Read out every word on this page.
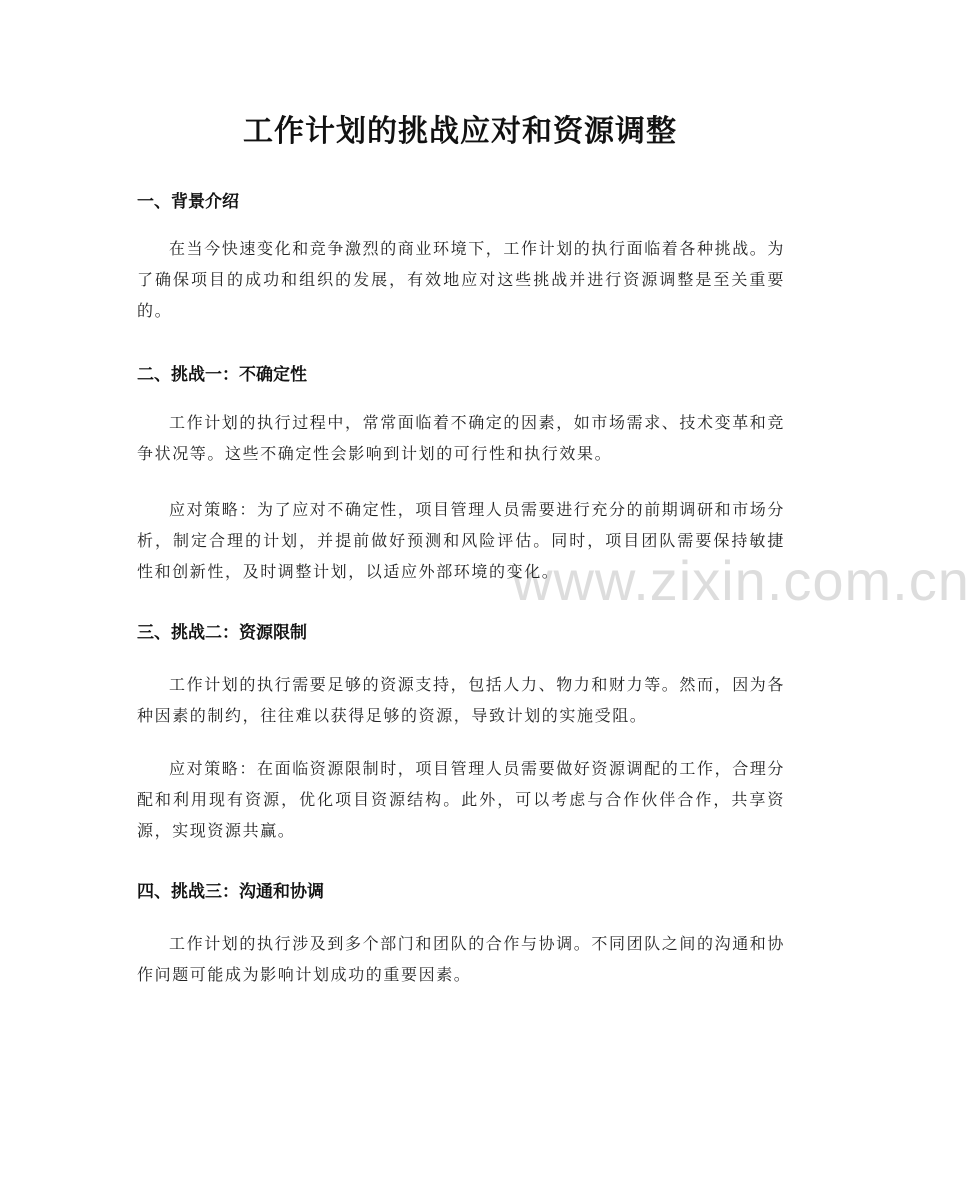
www.zixin.com.cn
工作计划的挑战应对和资源调整
一、背景介绍

在当今快速变化和竞争激烈的商业环境下，工作计划的执行面临着各种挑战。为了确保项目的成功和组织的发展，有效地应对这些挑战并进行资源调整是至关重要的。

二、挑战一：不确定性

工作计划的执行过程中，常常面临着不确定的因素，如市场需求、技术变革和竞争状况等。这些不确定性会影响到计划的可行性和执行效果。

应对策略：为了应对不确定性，项目管理人员需要进行充分的前期调研和市场分析，制定合理的计划，并提前做好预测和风险评估。同时，项目团队需要保持敏捷性和创新性，及时调整计划，以适应外部环境的变化。

三、挑战二：资源限制

工作计划的执行需要足够的资源支持，包括人力、物力和财力等。然而，因为各种因素的制约，往往难以获得足够的资源，导致计划的实施受阻。

应对策略：在面临资源限制时，项目管理人员需要做好资源调配的工作，合理分配和利用现有资源，优化项目资源结构。此外，可以考虑与合作伙伴合作，共享资源，实现资源共赢。

四、挑战三：沟通和协调

工作计划的执行涉及到多个部门和团队的合作与协调。不同团队之间的沟通和协作问题可能成为影响计划成功的重要因素。
